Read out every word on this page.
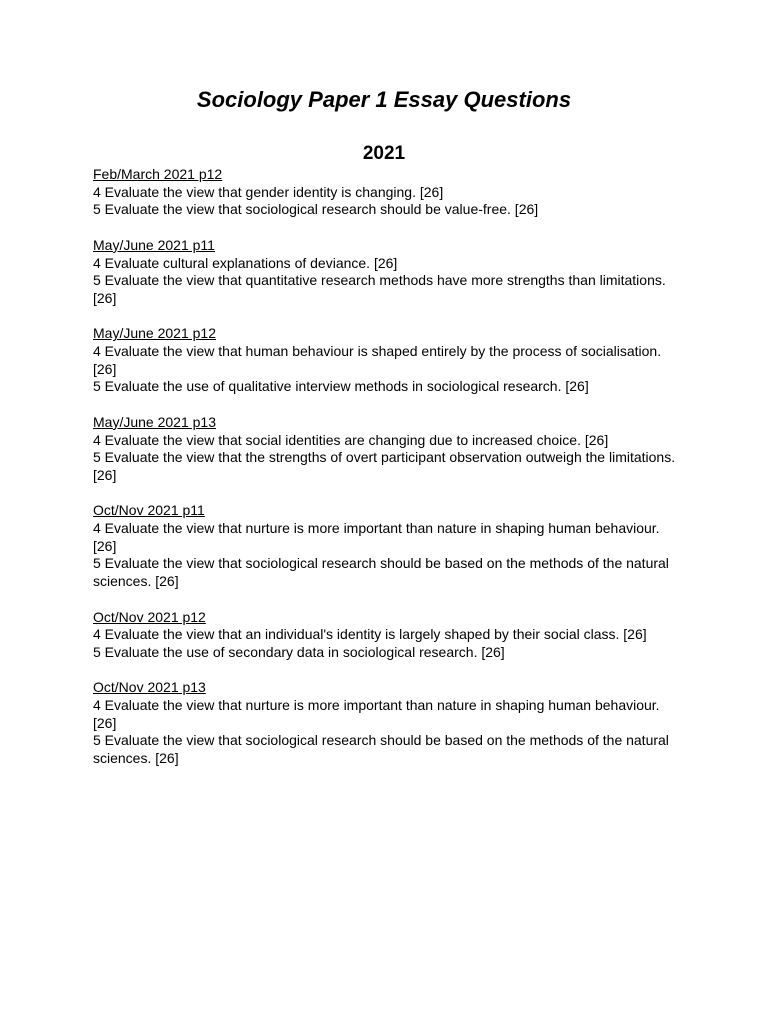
Sociology Paper 1 Essay Questions
2021

Feb/March 2021 p12

4 Evaluate the view that gender identity is changing. [26]

5 Evaluate the view that sociological research should be value-free. [26]

May/June 2021 p11

4 Evaluate cultural explanations of deviance. [26]

5 Evaluate the view that quantitative research methods have more strengths than limitations. [26]

May/June 2021 p12

4 Evaluate the view that human behaviour is shaped entirely by the process of socialisation. [26]

5 Evaluate the use of qualitative interview methods in sociological research. [26]

May/June 2021 p13

4 Evaluate the view that social identities are changing due to increased choice. [26]

5 Evaluate the view that the strengths of overt participant observation outweigh the limitations. [26]

Oct/Nov 2021 p11

4 Evaluate the view that nurture is more important than nature in shaping human behaviour. [26]

5 Evaluate the view that sociological research should be based on the methods of the natural sciences. [26]

Oct/Nov 2021 p12

4 Evaluate the view that an individual's identity is largely shaped by their social class. [26]

5 Evaluate the use of secondary data in sociological research. [26]

Oct/Nov 2021 p13

4 Evaluate the view that nurture is more important than nature in shaping human behaviour. [26]

5 Evaluate the view that sociological research should be based on the methods of the natural sciences. [26]
